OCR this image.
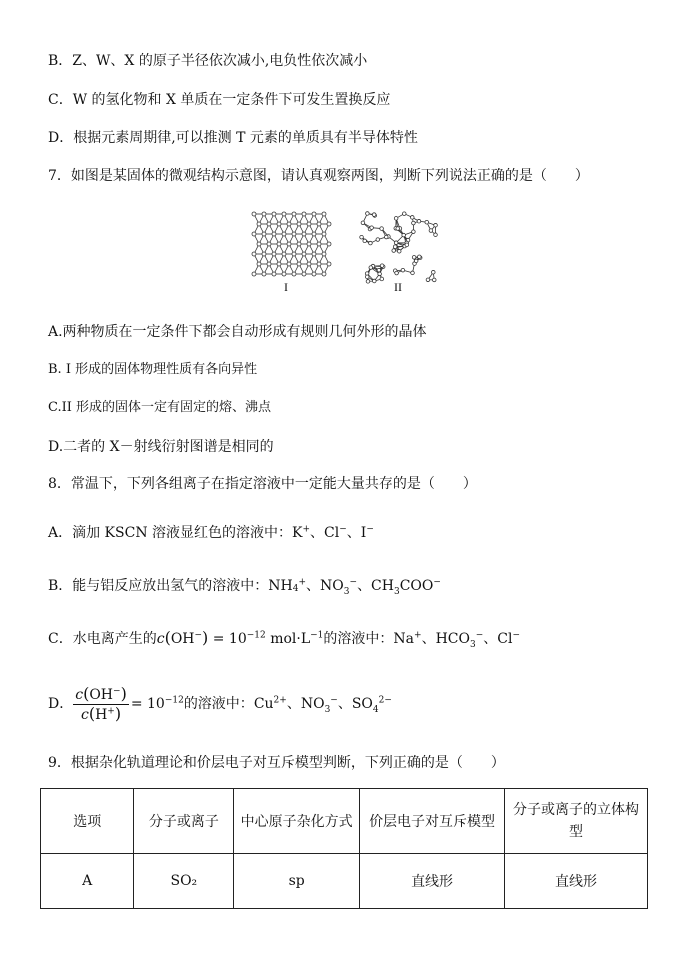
B．Z、W、X 的原子半径依次减小,电负性依次减小
C．W 的氢化物和 X 单质在一定条件下可发生置换反应
D．根据元素周期律,可以推测 T 元素的单质具有半导体特性
7．如图是某固体的微观结构示意图，请认真观察两图，判断下列说法正确的是（　　）
I	II
A.两种物质在一定条件下都会自动形成有规则几何外形的晶体
B. I 形成的固体物理性质有各向异性
C.II 形成的固体一定有固定的熔、沸点
D.二者的 X－射线衍射图谱是相同的
8．常温下，下列各组离子在指定溶液中一定能大量共存的是（　　）
A．滴加 KSCN 溶液显红色的溶液中：K+、Cl−、I−
B．能与铝反应放出氢气的溶液中：$NH_4^+$、$NO_3^-$、$CH_3COO^-$
C．水电离产生的$c(OH^-) = 10^{-12}$ $mol\cdot L^{-1}$的溶液中：Na+、$HCO_3^-$、Cl−
D． $\frac{c(OH^-)}{c(H^+)} = 10^{-12}$的溶液中：$Cu^{2+}$、$NO_3^-$、$SO_4^{2-}$
9．根据杂化轨道理论和价层电子对互斥模型判断，下列正确的是（　　）
选项	分子或离子	中心原子杂化方式	价层电子对互斥模型	分子或离子的立体构型
A	SO₂	sp	直线形	直线形
